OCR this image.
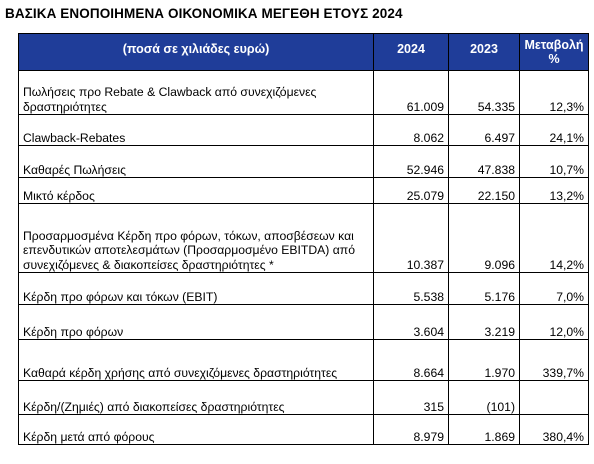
ΒΑΣΙΚΑ ΕΝΟΠΟΙΗΜΕΝΑ ΟΙΚΟΝΟΜΙΚΑ ΜΕΓΕΘΗ ΕΤΟΥΣ 2024
(ποσά σε χιλιάδες ευρώ)	2024	2023	Μεταβολή
%
Πωλήσεις προ Rebate & Clawback από συνεχιζόμενες δραστηριότητες	61.009	54.335	12,3%
Clawback-Rebates	8.062	6.497	24,1%
Καθαρές Πωλήσεις	52.946	47.838	10,7%
Μικτό κέρδος	25.079	22.150	13,2%
Προσαρμοσμένα Κέρδη προ φόρων, τόκων, αποσβέσεων και επενδυτικών αποτελεσμάτων (Προσαρμοσμένο EBITDA) από συνεχιζόμενες & διακοπείσες δραστηριότητες *	10.387	9.096	14,2%
Κέρδη προ φόρων και τόκων (EBIT)	5.538	5.176	7,0%
Κέρδη προ φόρων	3.604	3.219	12,0%
Καθαρά κέρδη χρήσης από συνεχιζόμενες δραστηριότητες	8.664	1.970	339,7%
Κέρδη/(Ζημιές) από διακοπείσες δραστηριότητες	315	(101)	
Κέρδη μετά από φόρους	8.979	1.869	380,4%
